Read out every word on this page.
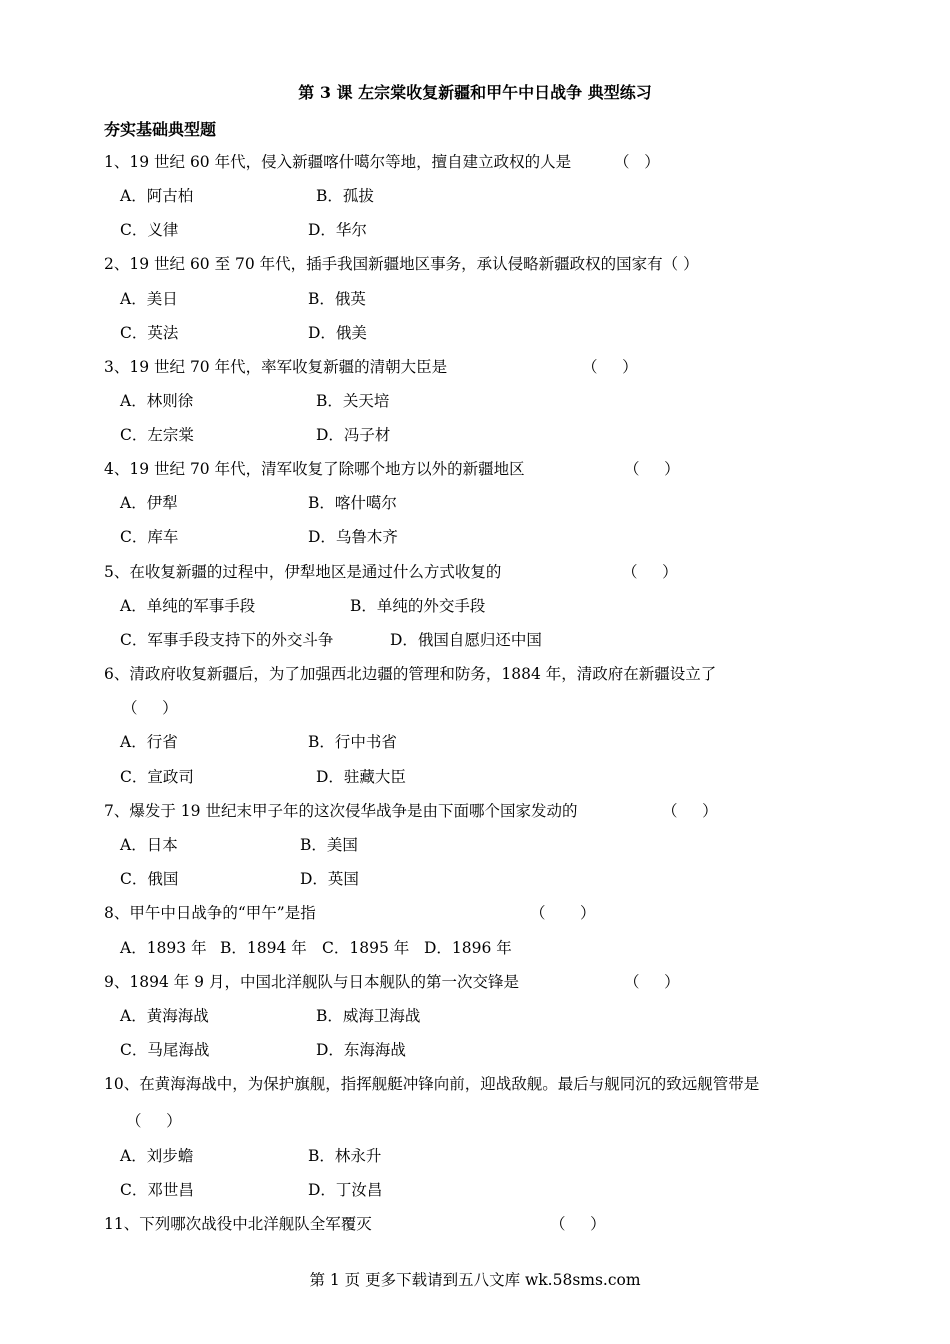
第 3 课 左宗棠收复新疆和甲午中日战争 典型练习
夯实基础典型题
1、19 世纪 60 年代，侵入新疆喀什噶尔等地，擅自建立政权的人是	（   ）
A．阿古柏	B．孤拔
C．义律	D．华尔
2、19 世纪 60 至 70 年代，插手我国新疆地区事务，承认侵略新疆政权的国家有（ ）
A．美日	B．俄英
C．英法	D．俄美
3、19 世纪 70 年代，率军收复新疆的清朝大臣是	（     ）
A．林则徐	B．关天培
C．左宗棠	D．冯子材
4、19 世纪 70 年代，清军收复了除哪个地方以外的新疆地区	（     ）
A．伊犁	B．喀什噶尔
C．库车	D．乌鲁木齐
5、在收复新疆的过程中，伊犁地区是通过什么方式收复的	（     ）
A．单纯的军事手段	B．单纯的外交手段
C．军事手段支持下的外交斗争	D．俄国自愿归还中国
6、清政府收复新疆后，为了加强西北边疆的管理和防务，1884 年，清政府在新疆设立了
（     ）
A．行省	B．行中书省
C．宣政司	D．驻藏大臣
7、爆发于 19 世纪末甲子年的这次侵华战争是由下面哪个国家发动的	（     ）
A．日本	B．美国
C．俄国	D．英国
8、甲午中日战争的“甲午”是指	（       ）
A．1893 年 B．1894 年 C．1895 年 D．1896 年
9、1894 年 9 月，中国北洋舰队与日本舰队的第一次交锋是	（     ）
A．黄海海战	B．威海卫海战
C．马尾海战	D．东海海战
10、在黄海海战中，为保护旗舰，指挥舰艇冲锋向前，迎战敌舰。最后与舰同沉的致远舰管带是
（     ）
A．刘步蟾	B．林永升
C．邓世昌	D．丁汝昌
11、下列哪次战役中北洋舰队全军覆灭	（     ）
第 1 页 更多下载请到五八文库 wk.58sms.com
